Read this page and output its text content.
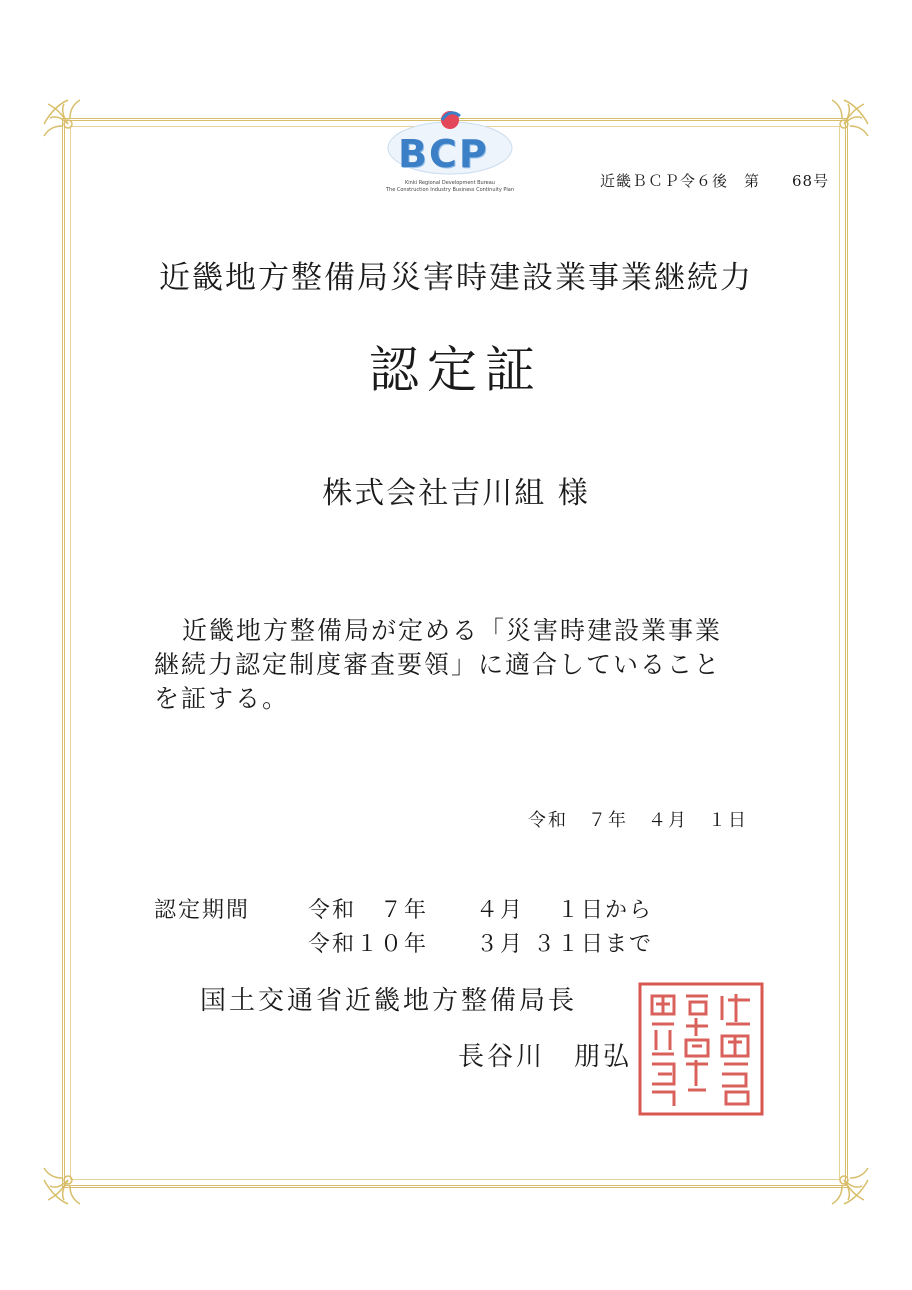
BCP
Kinki Regional Development Bureau
The Construction Industry Business Continuity Plan	近畿ＢＣＰ令６後　第　　68号
近畿地方整備局災害時建設業事業継続力
認定証
株式会社吉川組 様
近畿地方整備局が定める「災害時建設業事業
継続力認定制度審査要領」に適合していること
を証する。
令和　７年　４月　１日
認定期間	令和　７年　　４月　 １日から
令和１０年　　３月 ３１日まで
国土交通省近畿地方整備局長
長谷川　朋弘
